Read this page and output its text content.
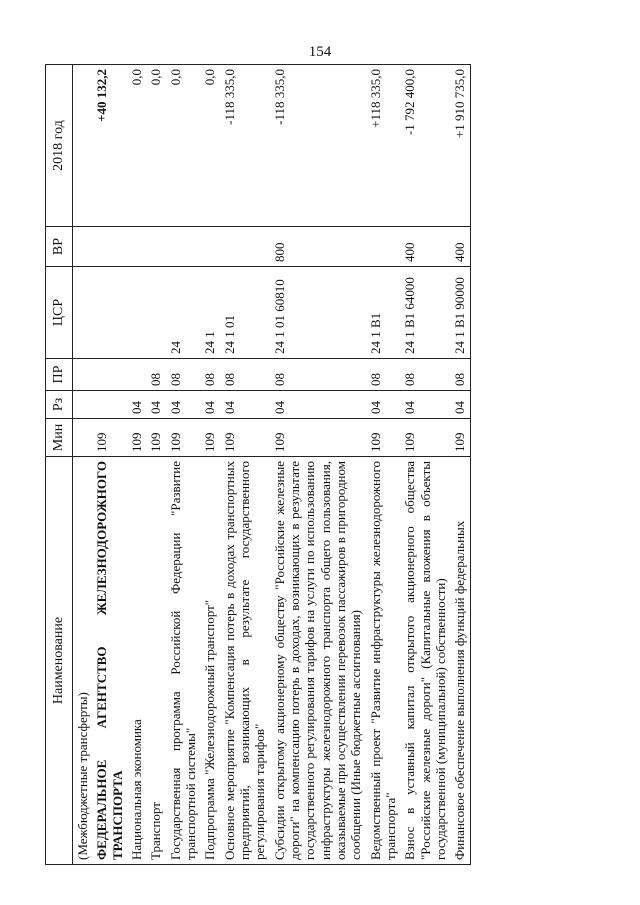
154
Наименование	Мин	Рз	ПР	ЦСР	ВР	2018 год
(Межбюджетные трансферты)						
ФЕДЕРАЛЬНОЕ АГЕНТСТВО ЖЕЛЕЗНОДОРОЖНОГО ТРАНСПОРТА	109					+40 132,2
Национальная экономика	109	04				0,0
Транспорт	109	04	08			0,0
Государственная программа Российской Федерации "Развитие транспортной системы"	109	04	08	24		0,0
Подпрограмма "Железнодорожный транспорт"	109	04	08	24 1		0,0
Основное мероприятие "Компенсация потерь в доходах транспортных предприятий, возникающих в результате государственного регулирования тарифов"	109	04	08	24 1 01		-118 335,0
Субсидии открытому акционерному обществу "Российские железные дороги" на компенсацию потерь в доходах, возникающих в результате государственного регулирования тарифов на услуги по использованию инфраструктуры железнодорожного транспорта общего пользования, оказываемые при осуществлении перевозок пассажиров в пригородном сообщении (Иные бюджетные ассигнования)	109	04	08	24 1 01 60810	800	-118 335,0
Ведомственный проект "Развитие инфраструктуры железнодорожного транспорта"	109	04	08	24 1 В1		+118 335,0
Взнос в уставный капитал открытого акционерного общества "Российские железные дороги" (Капитальные вложения в объекты государственной (муниципальной) собственности)	109	04	08	24 1 В1 64000	400	-1 792 400,0
Финансовое обеспечение выполнения функций федеральных	109	04	08	24 1 В1 90000	400	+1 910 735,0
